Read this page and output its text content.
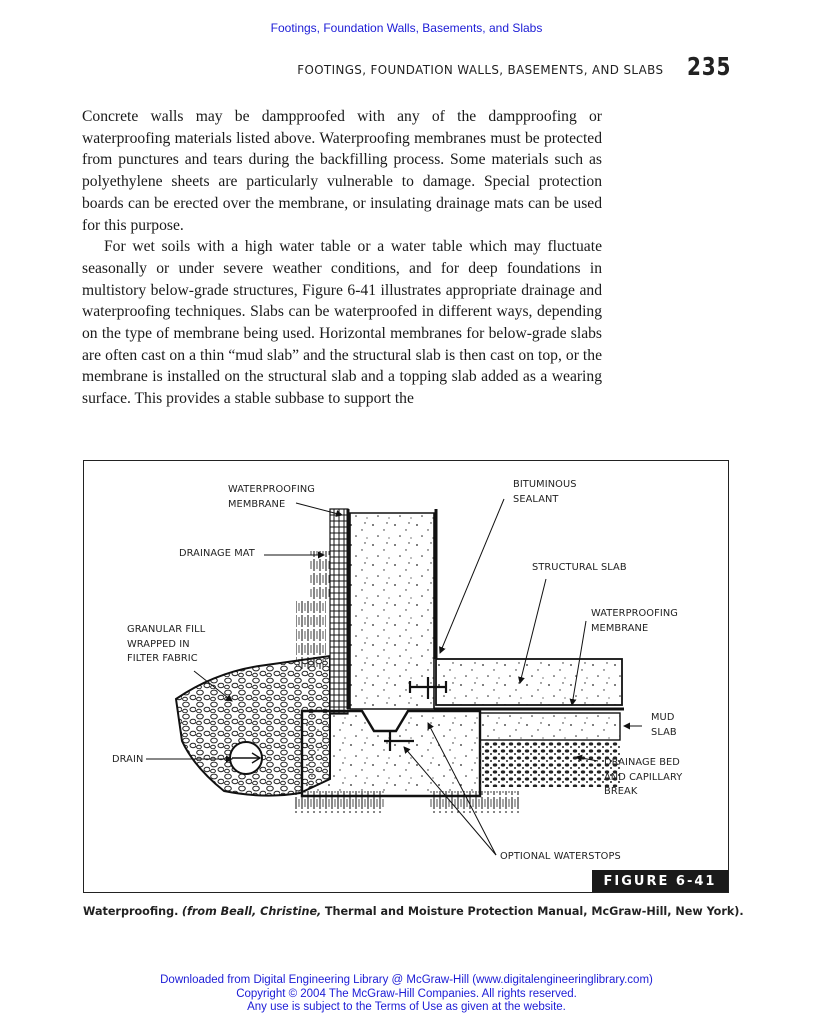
Footings, Foundation Walls, Basements, and Slabs
FOOTINGS, FOUNDATION WALLS, BASEMENTS, AND SLABS 235

Concrete walls may be dampproofed with any of the dampproofing or waterproofing materials listed above. Waterproofing membranes must be protected from punctures and tears during the backfilling process. Some materials such as polyethylene sheets are particularly vulnerable to damage. Special protection boards can be erected over the membrane, or insulating drainage mats can be used for this purpose.

For wet soils with a high water table or a water table which may fluctuate seasonally or under severe weather conditions, and for deep foundations in multistory below-grade structures, Figure 6-41 illustrates appropriate drainage and waterproofing techniques. Slabs can be waterproofed in different ways, depending on the type of membrane being used. Horizontal membranes for below-grade slabs are often cast on a thin “mud slab” and the structural slab is then cast on top, or the membrane is installed on the structural slab and a topping slab added as a wearing surface. This provides a stable subbase to support the

WATERPROOFING
MEMBRANE
DRAINAGE MAT
GRANULAR FILL
WRAPPED IN
FILTER FABRIC
DRAIN
BITUMINOUS
SEALANT
STRUCTURAL SLAB
WATERPROOFING
MEMBRANE
MUD
SLAB
DRAINAGE BED
AND CAPILLARY
BREAK
OPTIONAL WATERSTOPS
FIGURE 6-41
Waterproofing. (from Beall, Christine, Thermal and Moisture Protection Manual, McGraw-Hill, New York).
Downloaded from Digital Engineering Library @ McGraw-Hill (www.digitalengineeringlibrary.com)
Copyright © 2004 The McGraw-Hill Companies. All rights reserved.
Any use is subject to the Terms of Use as given at the website.
